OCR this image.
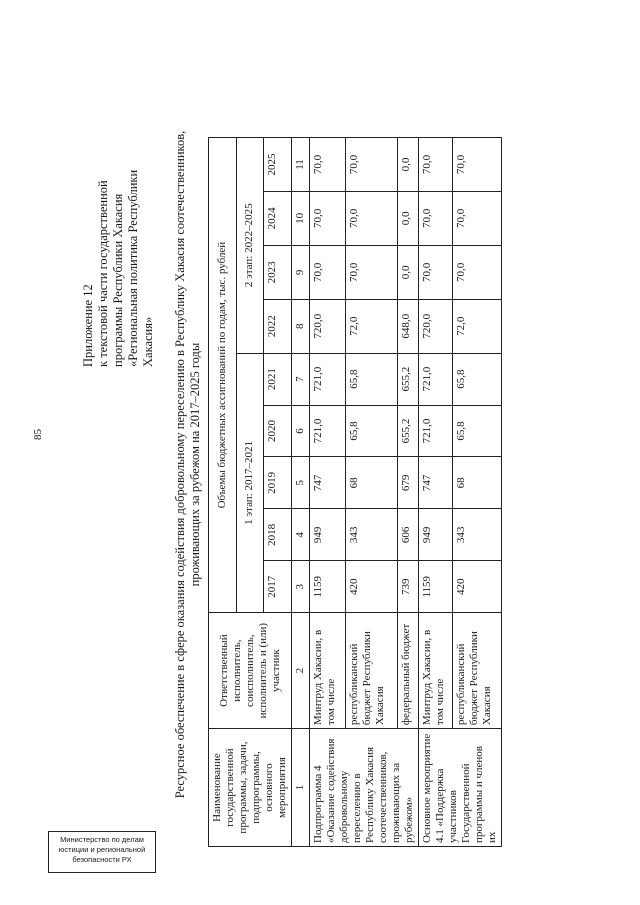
85
Министерство по делам
юстиции и региональной
безопасности РХ
Приложение 12 к текстовой части государственной программы Республики Хакасия «Региональная политика Республики Хакасия» Ресурсное обеспечение в сфере оказания содействия добровольному переселению в Республику Хакасия соотечественников, проживающих за рубежом на 2017–2025 годы
Наименование государственной программы, задачи, подпрограммы, основного мероприятия	Ответственный исполнитель, соисполнитель, исполнитель и (или) участник	Объемы бюджетных ассигнований по годам, тыс. рублей								
		1 этап: 2017–2021					2 этап: 2022–2025			
		2017	2018	2019	2020	2021	2022	2023	2024	2025
1	2	3	4	5	6	7	8	9	10	11
Подпрограмма 4 «Оказание содействия добровольному переселению в Республику Хакасия соотечественников, проживающих за рубежом»	Минтруд Хакасии, в том числе	1159	949	747	721,0	721,0	720,0	70,0	70,0	70,0
	республиканский бюджет Республики Хакасия	420	343	68	65,8	65,8	72,0	70,0	70,0	70,0
	федеральный бюджет	739	606	679	655,2	655,2	648,0	0,0	0,0	0,0
Основное мероприятие 4.1 «Поддержка участников Государственной программы и членов их	Минтруд Хакасии, в том числе	1159	949	747	721,0	721,0	720,0	70,0	70,0	70,0
	республиканский бюджет Республики Хакасия	420	343	68	65,8	65,8	72,0	70,0	70,0	70,0
